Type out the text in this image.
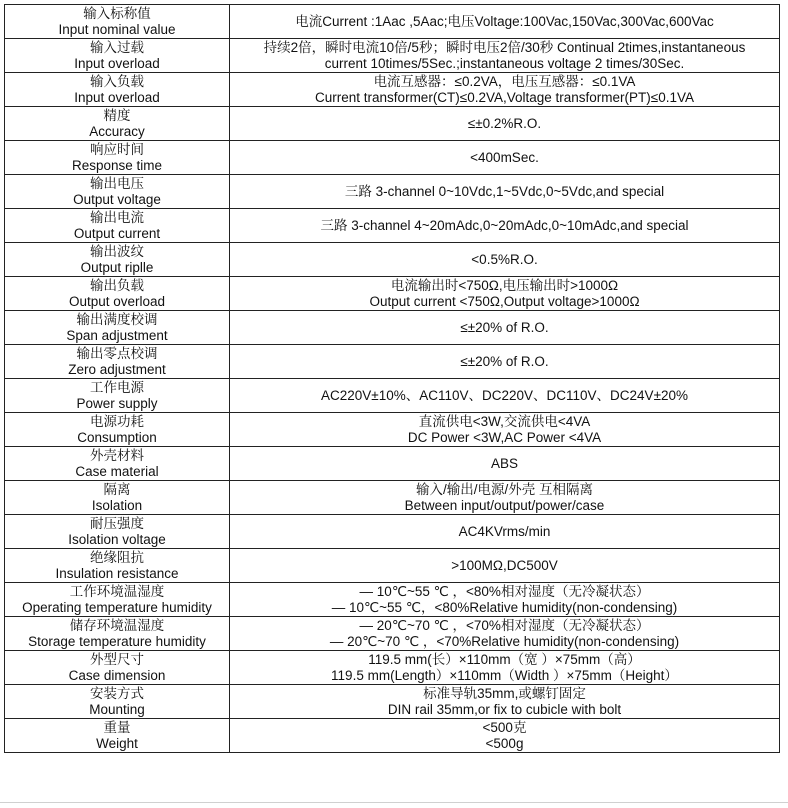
输入标称值
Input nominal value	电流Current :1Aac ,5Aac;电压Voltage:100Vac,150Vac,300Vac,600Vac

输入过载
Input overload	持续2倍，瞬时电流10倍/5秒；瞬时电压2倍/30秒 Continual 2times,instantaneous
current 10times/5Sec.;instantaneous voltage 2 times/30Sec.

输入负载
Input overload	电流互感器：≤0.2VA，电压互感器：≤0.1VA
Current transformer(CT)≤0.2VA,Voltage transformer(PT)≤0.1VA

精度
Accuracy	≤±0.2%R.O.

响应时间
Response time	<400mSec.

输出电压
Output voltage	三路 3-channel 0~10Vdc,1~5Vdc,0~5Vdc,and special

输出电流
Output current	三路 3-channel 4~20mAdc,0~20mAdc,0~10mAdc,and special

输出波纹
Output riplle	<0.5%R.O.

输出负载
Output overload	电流输出时<750Ω,电压输出时>1000Ω
Output current <750Ω,Output voltage>1000Ω

输出满度校调
Span adjustment	≤±20% of R.O.

输出零点校调
Zero adjustment	≤±20% of R.O.

工作电源
Power supply	AC220V±10%、AC110V、DC220V、DC110V、DC24V±20%

电源功耗
Consumption	直流供电<3W,交流供电<4VA
DC Power <3W,AC Power <4VA

外壳材料
Case material	ABS

隔离
Isolation	输入/输出/电源/外壳 互相隔离
Between input/output/power/case

耐压强度
Isolation voltage	AC4KVrms/min

绝缘阻抗
Insulation resistance	>100MΩ,DC500V

工作环境温湿度
Operating temperature humidity	— 10℃~55 ℃ ，<80%相对湿度（无冷凝状态）
— 10℃~55 ℃，<80%Relative humidity(non-condensing)

储存环境温湿度
Storage temperature humidity	— 20℃~70 ℃ ，<70%相对湿度（无冷凝状态）
— 20℃~70 ℃ ，<70%Relative humidity(non-condensing)

外型尺寸
Case dimension	119.5 mm(长）×110mm（宽 ）×75mm（高）
119.5 mm(Length）×110mm（Width ）×75mm（Height）

安装方式
Mounting	标准导轨35mm,或螺钉固定
DIN rail 35mm,or fix to cubicle with bolt

重量
Weight	<500克
<500g
